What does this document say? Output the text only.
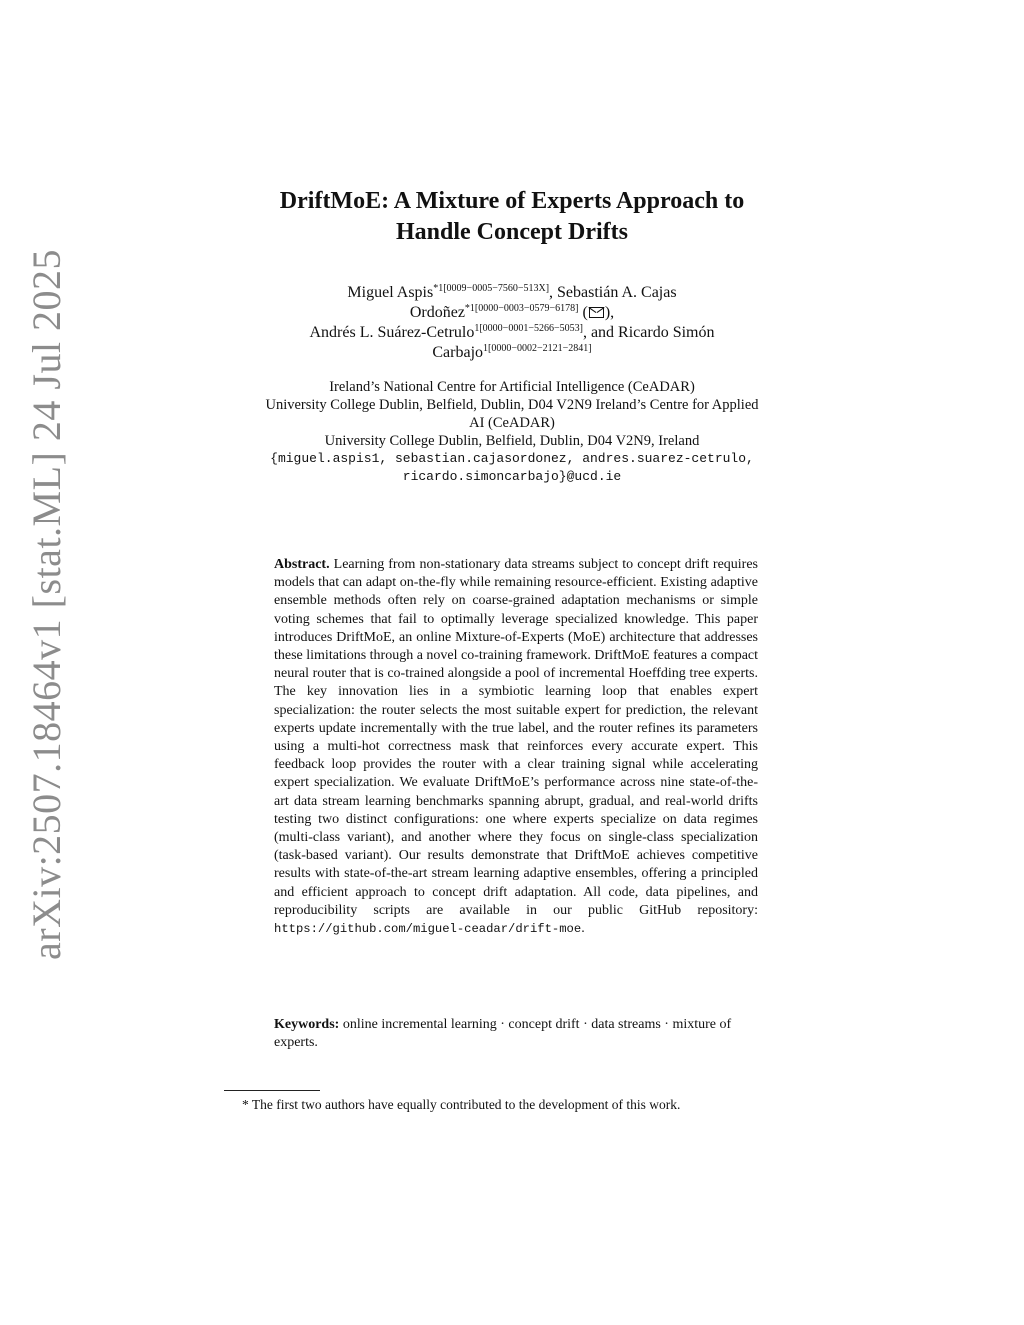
arXiv:2507.18464v1 [stat.ML] 24 Jul 2025
DriftMoE: A Mixture of Experts Approach to
Handle Concept Drifts
Miguel Aspis$^{*1[0009-0005-7560-513X]}$, Sebastián A. Cajas
Ordoñez$^{*1[0000-0003-0579-6178]}$ ( ),
Andrés L. Suárez-Cetrulo$^{1[0000-0001-5266-5053]}$, and Ricardo Simón
Carbajo$^{1[0000-0002-2121-2841]}$
Ireland’s National Centre for Artificial Intelligence (CeADAR)
University College Dublin, Belfield, Dublin, D04 V2N9 Ireland’s Centre for Applied
AI (CeADAR)
University College Dublin, Belfield, Dublin, D04 V2N9, Ireland
{miguel.aspis1, sebastian.cajasordonez, andres.suarez-cetrulo,
ricardo.simoncarbajo}@ucd.ie
Abstract. Learning from non-stationary data streams subject to concept drift requires models that can adapt on-the-fly while remaining resource-efficient. Existing adaptive ensemble methods often rely on coarse-grained adaptation mechanisms or simple voting schemes that fail to optimally leverage specialized knowledge. This paper introduces DriftMoE, an online Mixture-of-Experts (MoE) architecture that addresses these limitations through a novel co-training framework. DriftMoE features a compact neural router that is co-trained alongside a pool of incremental Hoeffding tree experts. The key innovation lies in a symbiotic learning loop that enables expert specialization: the router selects the most suitable expert for prediction, the relevant experts update incrementally with the true label, and the router refines its parameters using a multi-hot correctness mask that reinforces every accurate expert. This feedback loop provides the router with a clear training signal while accelerating expert specialization. We evaluate DriftMoE’s performance across nine state-of-the-art data stream learning benchmarks spanning abrupt, gradual, and real-world drifts testing two distinct configurations: one where experts specialize on data regimes (multi-class variant), and another where they focus on single-class specialization (task-based variant). Our results demonstrate that DriftMoE achieves competitive results with state-of-the-art stream learning adaptive ensembles, offering a principled and efficient approach to concept drift adaptation. All code, data pipelines, and reproducibility scripts are available in our public GitHub repository: https://github.com/miguel-ceadar/drift-moe.
Keywords: online incremental learning · concept drift · data streams · mixture of experts.
* The first two authors have equally contributed to the development of this work.
